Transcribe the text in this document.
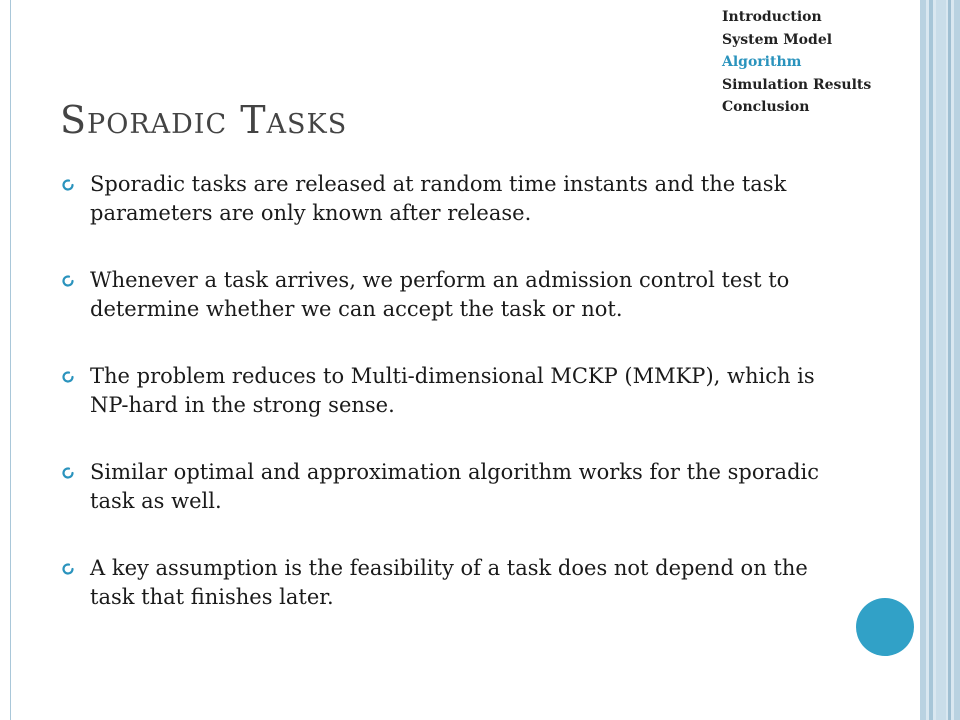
Introduction
System Model
Algorithm
Simulation Results
Conclusion
Sporadic Tasks
Sporadic tasks are released at random time instants and the task parameters are only known after release.
Whenever a task arrives, we perform an admission control test to determine whether we can accept the task or not.
The problem reduces to Multi-dimensional MCKP (MMKP), which is NP-hard in the strong sense.
Similar optimal and approximation algorithm works for the sporadic task as well.
A key assumption is the feasibility of a task does not depend on the task that finishes later.
